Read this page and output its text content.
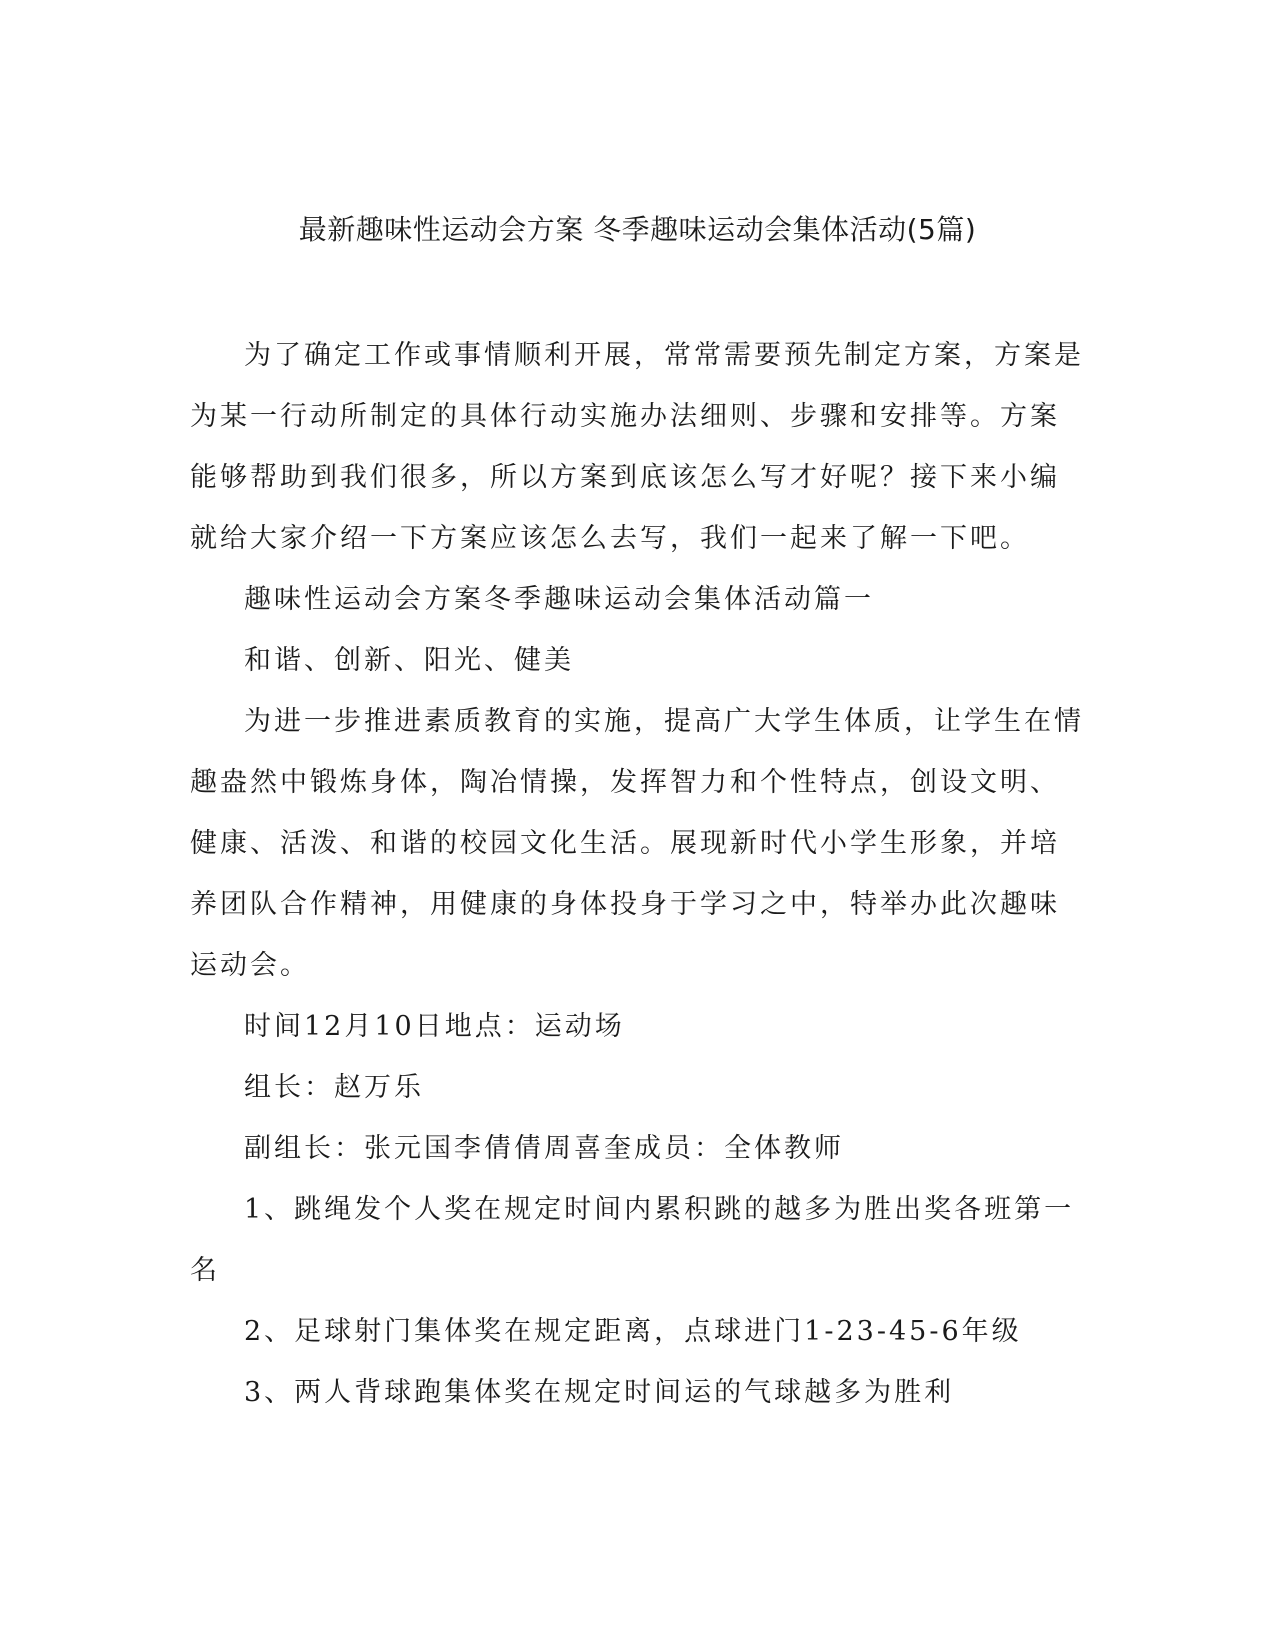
最新趣味性运动会方案 冬季趣味运动会集体活动(5篇)

为了确定工作或事情顺利开展，常常需要预先制定方案，方案是为某一行动所制定的具体行动实施办法细则、步骤和安排等。方案能够帮助到我们很多，所以方案到底该怎么写才好呢？接下来小编就给大家介绍一下方案应该怎么去写，我们一起来了解一下吧。

趣味性运动会方案冬季趣味运动会集体活动篇一

和谐、创新、阳光、健美

为进一步推进素质教育的实施，提高广大学生体质，让学生在情趣盎然中锻炼身体，陶冶情操，发挥智力和个性特点，创设文明、健康、活泼、和谐的校园文化生活。展现新时代小学生形象，并培养团队合作精神，用健康的身体投身于学习之中，特举办此次趣味运动会。

时间12月10日地点：运动场

组长：赵万乐

副组长：张元国李倩倩周喜奎成员：全体教师

1、跳绳发个人奖在规定时间内累积跳的越多为胜出奖各班第一名

2、足球射门集体奖在规定距离，点球进门1-23-45-6年级

3、两人背球跑集体奖在规定时间运的气球越多为胜利
